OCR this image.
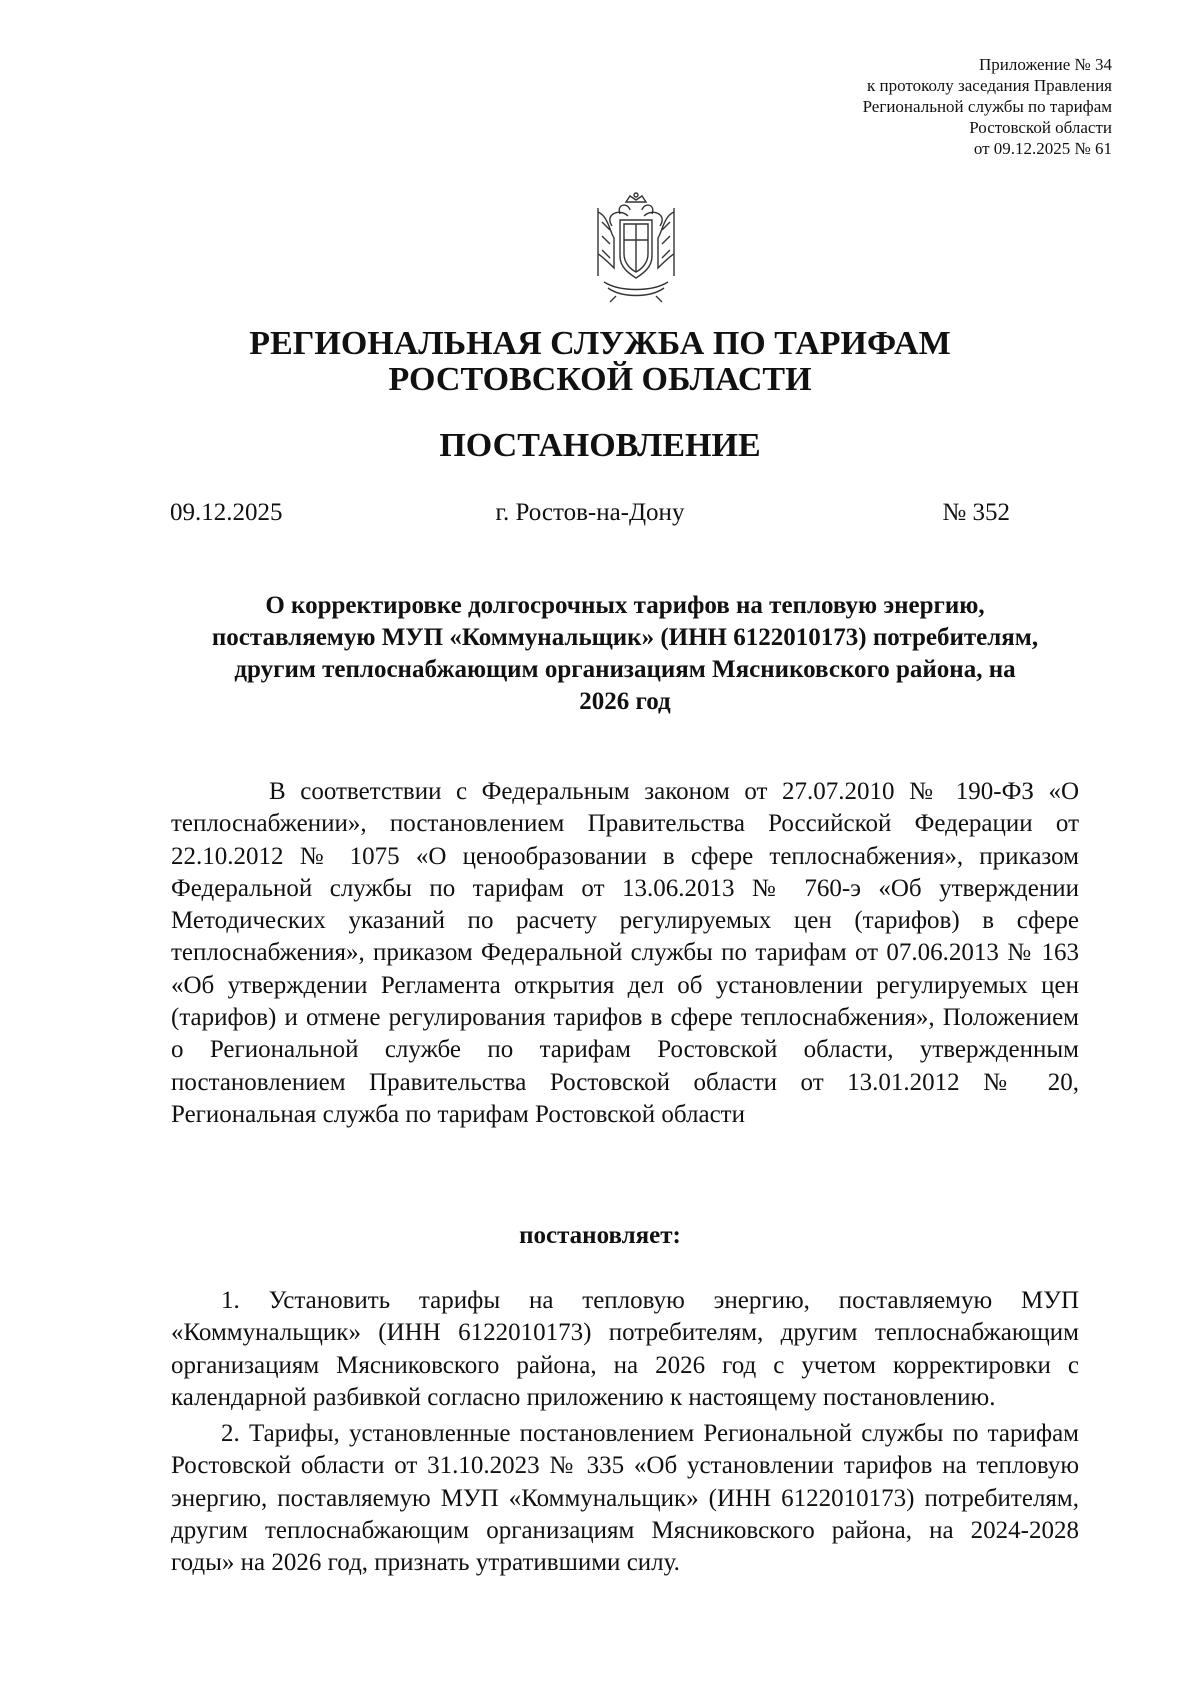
Приложение № 34
к протоколу заседания Правления
Региональной службы по тарифам
Ростовской области
от 09.12.2025 № 61
РЕГИОНАЛЬНАЯ СЛУЖБА ПО ТАРИФАМ
РОСТОВСКОЙ ОБЛАСТИ
ПОСТАНОВЛЕНИЕ
09.12.2025	г. Ростов-на-Дону	№ 352
О корректировке долгосрочных тарифов на тепловую энергию,
поставляемую МУП «Коммунальщик» (ИНН 6122010173) потребителям,
другим теплоснабжающим организациям Мясниковского района, на
2026 год
В соответствии с Федеральным законом от 27.07.2010 № 190-ФЗ «О теплоснабжении», постановлением Правительства Российской Федерации от 22.10.2012 № 1075 «О ценообразовании в сфере теплоснабжения», приказом Федеральной службы по тарифам от 13.06.2013 № 760-э «Об утверждении Методических указаний по расчету регулируемых цен (тарифов) в сфере теплоснабжения», приказом Федеральной службы по тарифам от 07.06.2013 № 163 «Об утверждении Регламента открытия дел об установлении регулируемых цен (тарифов) и отмене регулирования тарифов в сфере теплоснабжения», Положением о Региональной службе по тарифам Ростовской области, утвержденным постановлением Правительства Ростовской области от 13.01.2012 № 20, Региональная служба по тарифам Ростовской области
постановляет:

1. Установить тарифы на тепловую энергию, поставляемую МУП «Коммунальщик» (ИНН 6122010173) потребителям, другим теплоснабжающим организациям Мясниковского района, на 2026 год с учетом корректировки с календарной разбивкой согласно приложению к настоящему постановлению.

2. Тарифы, установленные постановлением Региональной службы по тарифам Ростовской области от 31.10.2023 № 335 «Об установлении тарифов на тепловую энергию, поставляемую МУП «Коммунальщик» (ИНН 6122010173) потребителям, другим теплоснабжающим организациям Мясниковского района, на 2024-2028 годы» на 2026 год, признать утратившими силу.
